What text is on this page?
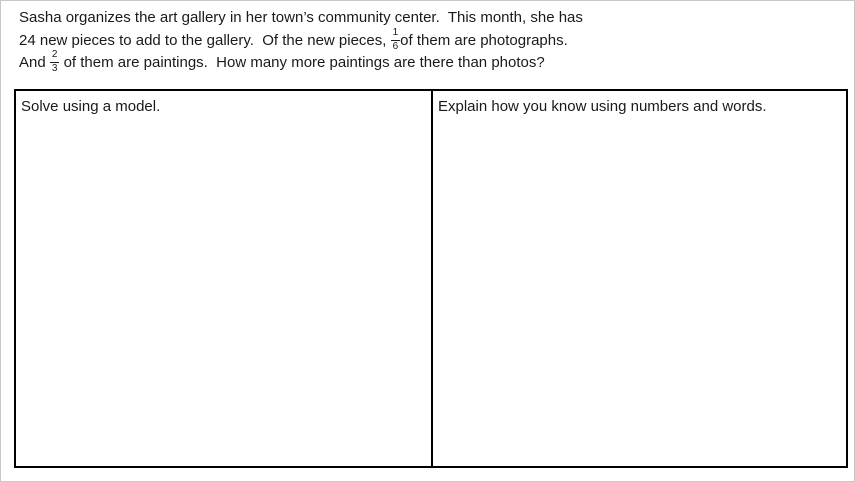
Sasha organizes the art gallery in her town’s community center.  This month, she has
24 new pieces to add to the gallery.  Of the new pieces, $\frac{1}{6}$ of them are photographs.
And $\frac{2}{3}$ of them are paintings.  How many more paintings are there than photos?
Solve using a model.	Explain how you know using numbers and words.
